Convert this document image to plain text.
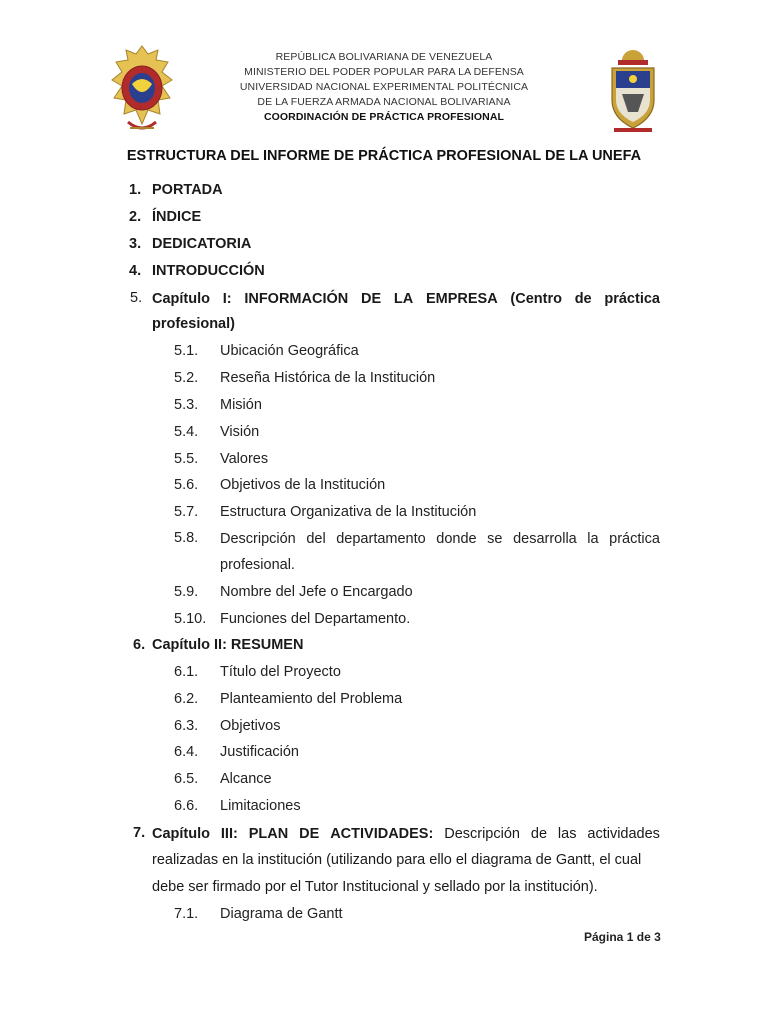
REPÚBLICA BOLIVARIANA DE VENEZUELA
MINISTERIO DEL PODER POPULAR PARA LA DEFENSA
UNIVERSIDAD NACIONAL EXPERIMENTAL POLITÉCNICA
DE LA FUERZA ARMADA NACIONAL BOLIVARIANA
COORDINACIÓN DE PRÁCTICA PROFESIONAL
ESTRUCTURA DEL INFORME DE PRÁCTICA PROFESIONAL DE LA UNEFA
1. PORTADA
2. ÍNDICE
3. DEDICATORIA
4. INTRODUCCIÓN
5. Capítulo I: INFORMACIÓN DE LA EMPRESA (Centro de práctica
profesional)
5.1. Ubicación Geográfica
5.2. Reseña Histórica de la Institución
5.3. Misión
5.4. Visión
5.5. Valores
5.6. Objetivos de la Institución
5.7. Estructura Organizativa de la Institución
5.8. Descripción del departamento donde se desarrolla la práctica
profesional.
5.9. Nombre del Jefe o Encargado
5.10. Funciones del Departamento.
6. Capítulo II: RESUMEN
6.1. Título del Proyecto
6.2. Planteamiento del Problema
6.3. Objetivos
6.4. Justificación
6.5. Alcance
6.6. Limitaciones
7. Capítulo III: PLAN DE ACTIVIDADES: Descripción de las actividades
realizadas en la institución (utilizando para ello el diagrama de Gantt, el cual
debe ser firmado por el Tutor Institucional y sellado por la institución).
7.1. Diagrama de Gantt
Página 1 de 3
